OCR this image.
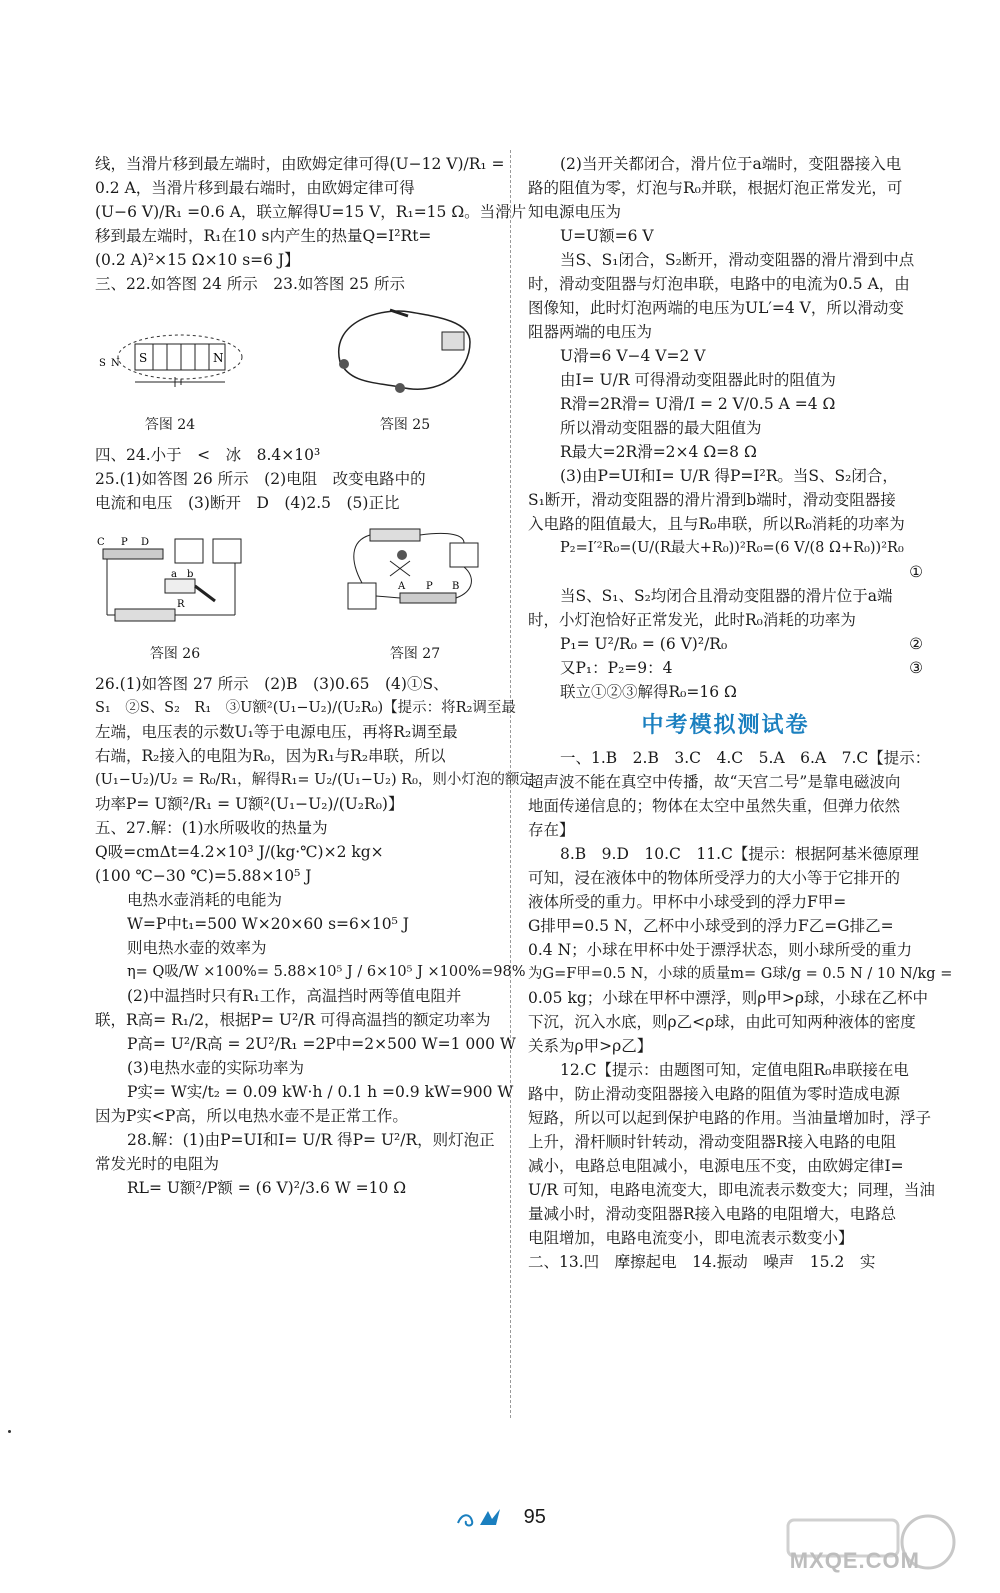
线，当滑片移到最左端时，由欧姆定律可得(U−12 V)/R₁ =
0.2 A，当滑片移到最右端时，由欧姆定律可得
(U−6 V)/R₁ =0.6 A，联立解得U=15 V，R₁=15 Ω。当滑片
移到最左端时，R₁在10 s内产生的热量Q=I²Rt=
(0.2 A)²×15 Ω×10 s=6 J】
三、22.如答图 24 所示　23.如答图 25 所示
S	N
S N
答图 24	答图 25
四、24.小于　<　冰　8.4×10³
25.(1)如答图 26 所示　(2)电阻　改变电路中的
电流和电压　(3)断开　D　(4)2.5　(5)正比
C P D
a b
R
答图 26
A P B
答图 27
26.(1)如答图 27 所示　(2)B　(3)0.65　(4)①S、
S₁　②S、S₂　R₁　③U额²(U₁−U₂)/(U₂R₀)【提示：将R₂调至最
左端，电压表的示数U₁等于电源电压，再将R₂调至最
右端，R₂接入的电阻为R₀，因为R₁与R₂串联，所以
(U₁−U₂)/U₂ = R₀/R₁，解得R₁= U₂/(U₁−U₂) R₀，则小灯泡的额定
功率P= U额²/R₁ = U额²(U₁−U₂)/(U₂R₀)】
五、27.解：(1)水所吸收的热量为
Q吸=cmΔt=4.2×10³ J/(kg·℃)×2 kg×
(100 ℃−30 ℃)=5.88×10⁵ J
电热水壶消耗的电能为
W=P中t₁=500 W×20×60 s=6×10⁵ J
则电热水壶的效率为
η= Q吸/W ×100%= 5.88×10⁵ J / 6×10⁵ J ×100%=98%
(2)中温挡时只有R₁工作，高温挡时两等值电阻并
联，R高= R₁/2，根据P= U²/R 可得高温挡的额定功率为
P高= U²/R高 = 2U²/R₁ =2P中=2×500 W=1 000 W
(3)电热水壶的实际功率为
P实= W实/t₂ = 0.09 kW·h / 0.1 h =0.9 kW=900 W
因为P实<P高，所以电热水壶不是正常工作。
28.解：(1)由P=UI和I= U/R 得P= U²/R，则灯泡正
常发光时的电阻为
RL= U额²/P额 = (6 V)²/3.6 W =10 Ω
(2)当开关都闭合，滑片位于a端时，变阻器接入电
路的阻值为零，灯泡与R₀并联，根据灯泡正常发光，可
知电源电压为
U=U额=6 V
当S、S₁闭合，S₂断开，滑动变阻器的滑片滑到中点
时，滑动变阻器与灯泡串联，电路中的电流为0.5 A，由
图像知，此时灯泡两端的电压为UL′=4 V，所以滑动变
阻器两端的电压为
U滑=6 V−4 V=2 V
由I= U/R 可得滑动变阻器此时的阻值为
R滑=2R滑= U滑/I = 2 V/0.5 A =4 Ω
所以滑动变阻器的最大阻值为
R最大=2R滑=2×4 Ω=8 Ω
(3)由P=UI和I= U/R 得P=I²R。当S、S₂闭合，
S₁断开，滑动变阻器的滑片滑到b端时，滑动变阻器接
入电路的阻值最大，且与R₀串联，所以R₀消耗的功率为
P₂=I′²R₀=(U/(R最大+R₀))²R₀=(6 V/(8 Ω+R₀))²R₀
①

当S、S₁、S₂均闭合且滑动变阻器的滑片位于a端
时，小灯泡恰好正常发光，此时R₀消耗的功率为
P₁= U²/R₀ = (6 V)²/R₀	②
又P₁：P₂=9：4	③
联立①②③解得R₀=16 Ω
中考模拟测试卷
一、1.B　2.B　3.C　4.C　5.A　6.A　7.C【提示：
超声波不能在真空中传播，故“天宫二号”是靠电磁波向
地面传递信息的；物体在太空中虽然失重，但弹力依然
存在】
8.B　9.D　10.C　11.C【提示：根据阿基米德原理
可知，浸在液体中的物体所受浮力的大小等于它排开的
液体所受的重力。甲杯中小球受到的浮力F甲=
G排甲=0.5 N，乙杯中小球受到的浮力F乙=G排乙=
0.4 N；小球在甲杯中处于漂浮状态，则小球所受的重力
为G=F甲=0.5 N，小球的质量m= G球/g = 0.5 N / 10 N/kg =
0.05 kg；小球在甲杯中漂浮，则ρ甲>ρ球，小球在乙杯中
下沉，沉入水底，则ρ乙<ρ球，由此可知两种液体的密度
关系为ρ甲>ρ乙】
12.C【提示：由题图可知，定值电阻R₀串联接在电
路中，防止滑动变阻器接入电路的阻值为零时造成电源
短路，所以可以起到保护电路的作用。当油量增加时，浮子
上升，滑杆顺时针转动，滑动变阻器R接入电路的电阻
减小，电路总电阻减小，电源电压不变，由欧姆定律I=
U/R 可知，电路电流变大，即电流表示数变大；同理，当油
量减小时，滑动变阻器R接入电路的电阻增大，电路总
电阻增加，电路电流变小，即电流表示数变小】
二、13.凹　摩擦起电　14.振动　噪声　15.2　实
95
MXQE.COM
